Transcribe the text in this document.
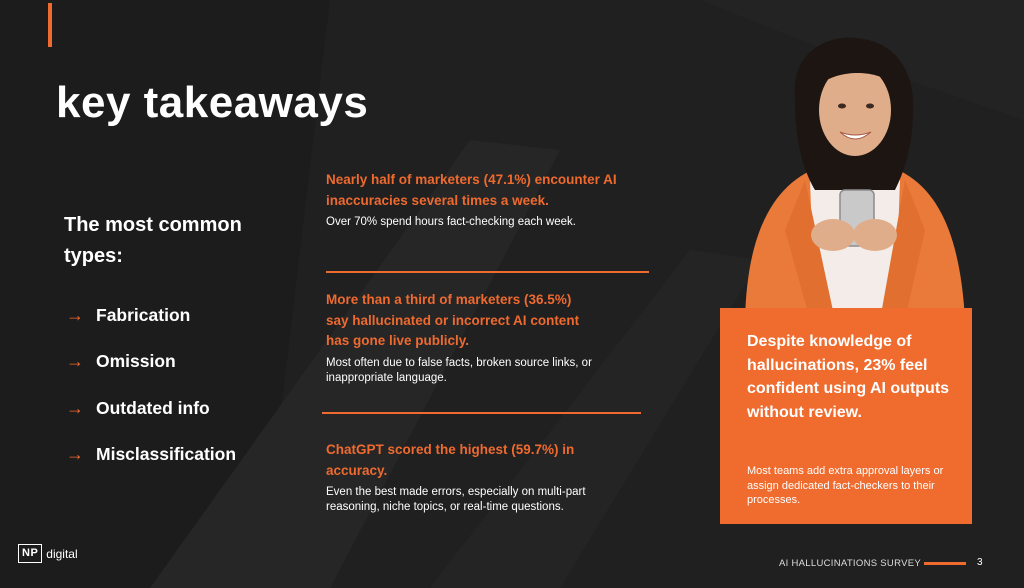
key takeaways

The most common types:

→ Fabrication
→ Omission
→ Outdated info
→ Misclassification

Nearly half of marketers (47.1%) encounter AI inaccuracies several times a week.

Over 70% spend hours fact-checking each week.

More than a third of marketers (36.5%) say hallucinated or incorrect AI content has gone live publicly.

Most often due to false facts, broken source links, or inappropriate language.

ChatGPT scored the highest (59.7%) in accuracy.

Even the best made errors, especially on multi-part reasoning, niche topics, or real-time questions.

Despite knowledge of hallucinations, 23% feel confident using AI outputs without review.

Most teams add extra approval layers or assign dedicated fact-checkers to their processes.

NP digital
AI HALLUCINATIONS SURVEY	3
